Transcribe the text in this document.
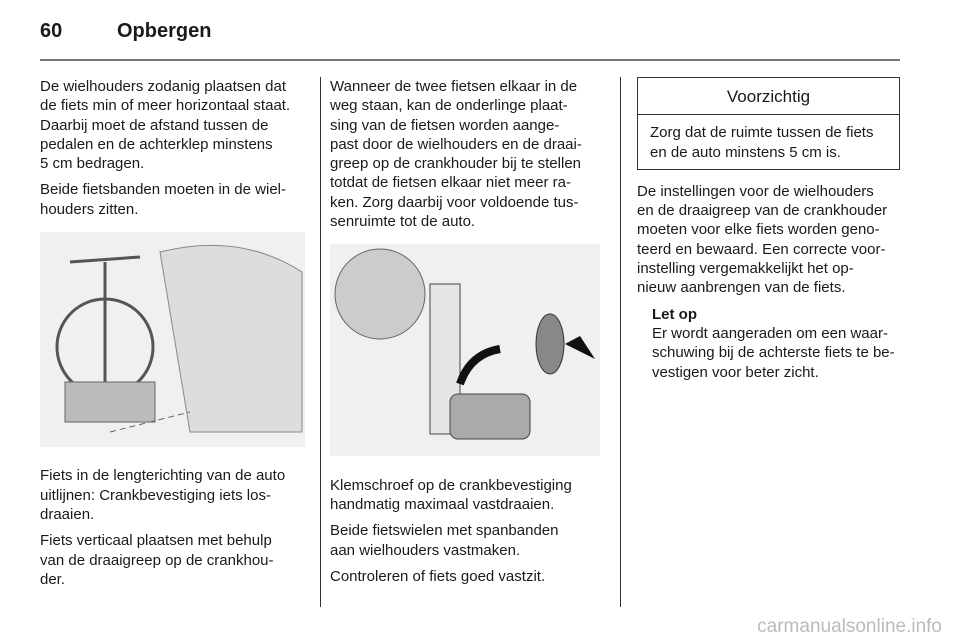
60	Opbergen

De wielhouders zodanig plaatsen dat
de fiets min of meer horizontaal staat.
Daarbij moet de afstand tussen de
pedalen en de achterklep minstens
5 cm bedragen.

Beide fietsbanden moeten in de wiel-
houders zitten.

Fiets in de lengterichting van de auto
uitlijnen: Crankbevestiging iets los-
draaien.

Fiets verticaal plaatsen met behulp
van de draaigreep op de crankhou-
der.

Wanneer de twee fietsen elkaar in de
weg staan, kan de onderlinge plaat-
sing van de fietsen worden aange-
past door de wielhouders en de draai-
greep op de crankhouder bij te stellen
totdat de fietsen elkaar niet meer ra-
ken. Zorg daarbij voor voldoende tus-
senruimte tot de auto.

Klemschroef op de crankbevestiging
handmatig maximaal vastdraaien.

Beide fietswielen met spanbanden
aan wielhouders vastmaken.

Controleren of fiets goed vastzit.

Voorzichtig
Zorg dat de ruimte tussen de fiets
en de auto minstens 5 cm is.

De instellingen voor de wielhouders
en de draaigreep van de crankhouder
moeten voor elke fiets worden geno-
teerd en bewaard. Een correcte voor-
instelling vergemakkelijkt het op-
nieuw aanbrengen van de fiets.

Let op

Er wordt aangeraden om een waar-
schuwing bij de achterste fiets te be-
vestigen voor beter zicht.

carmanualsonline.info
